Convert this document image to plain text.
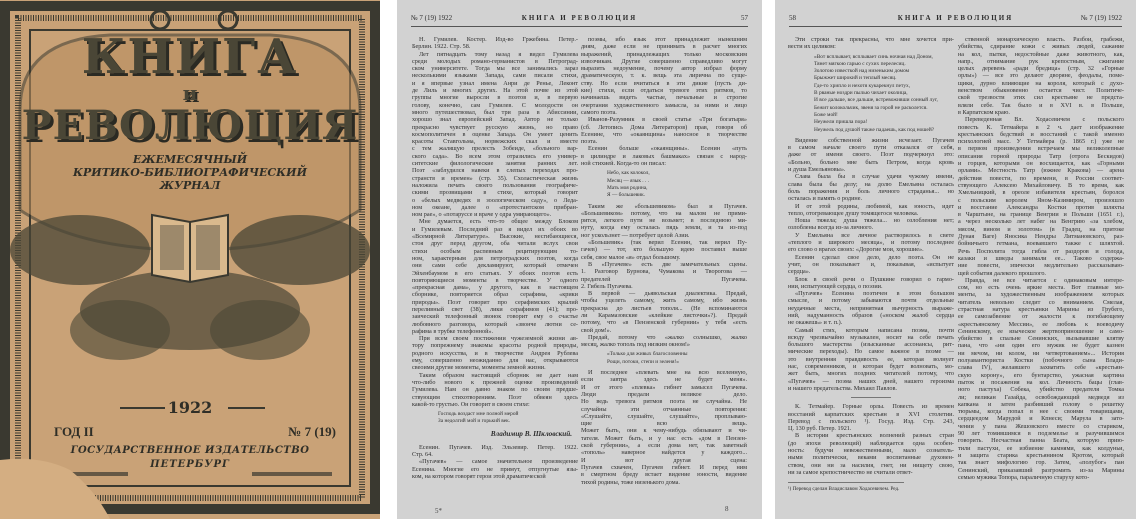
КНИГА
и
РЕВОЛЮЦИЯ
ЕЖЕМЕСЯЧНЫЙ
КРИТИКО-БИБЛИОГРАФИЧЕСКИЙ
ЖУРНАЛ
1922
ГОД II	№ 7 (19)
ГОСУДАРСТВЕННОЕ ИЗДАТЕЛЬСТВО
ПЕТЕРБУРГ
№ 7 (19) 1922	КНИГА И РЕВОЛЮЦИЯ	57
Н. Гумилев. Костер. Изд-во Гржебина. Петер.-
Берлин. 1922. Стр. 58.
Лет пятнадцать тому назад я видел Гумилева
среди молодых романо-германистов в Петроград-
ском университете. Тогда мы все занимались зараз
несколькими языками Запада, сами писали стихи,
и я впервые узнал имена Анри де Ренье, Леконт
де Лиль и многих других. На этой почве из этой
группы многие выросли в поэтов и, в первую
голову, конечно, сам Гумилев. С молодости он
много путешествовал, был три раза в Абиссинии,
хорошо знал европейский Запад. Автор не только
прекрасно чувствует русскую жизнь, но право
космополитичен в оценке Запада. Он умеет ценить
красоты Ставгольма, норвежских скал и вместе
с тем жалящую прелесть Зобеиде, «больного вар-
ского сада». Во всем этом отразились его универ-
ситетские филологические занятия ранних лет.
Поэт «заблудился навеки в слепых переходах про-
странств и времен» (стр. 35). Схоластическая жизнь
наложила печать своего пользования географиче-
скими прозвищами в стихе, который говорит
о «белых медведях в зоологическом саду», о Леда-
ном океане, далее о «протестантском прибран-
ном рае», о «потаруссе и враче у одра умирающего».
Мне думается, есть что-то общее между Блоком
и Гумилевым. Последний раз я видел их обоих во
«Всемирной Литературе». Высокие, несгибающиеся,
стоя друг перед другом, оба читали вслух свои
стихи особым распевным рецитирующим то-
ном, характерным для петроградских поэтов, когда
они сами себе декламируют, который отмечен
Эйхенбаумом в его статьях. У обоих поэтов есть
повторяющиеся моменты в творчестве. У одного
«прекрасная дама», у другого, как в настоящем
сборнике, повторяется образ серафима, «крики
природы». Поэт говорит про серафимских крылий
переливный свет (38), лики серафимов (41); про-
заический телефонный звонок говорит ему о счастье
любовного разговора, который «звонче лютни се-
рафима в трубке телефонной».
При всем своем постижении чужеземной жизни ав-
тору попрежнему знакомы красоты родной природы,
родного искусства, и в творчестве Андрея Рублева
ему, совершенно неожиданно для нас, открываются
свеоими другие моменты, моменты земной жизни.
Таким образом настоящий сборник не дает нам
что-либо нового к прежней оценке произведений
Гумилева. Нам он давно знаком по своим предше-
ствующим стихотворениям. Поэт обвеян здесь
какой-то грустью. Он говорит в своем стихе:
Господь воздаст мне полной мерой
За недолгий мой и горький век.
Владимир В. Шкловский.
Есенин. Пугачев. Изд. Эльзевир. Петер. 1922.
Стр. 64.
«Пугачев» — самое значительное произведение
Есенина. Многие его не примут, отпугнутые язы-
ком, на котором говорят герои этой драматической
поэмы, ибо язык этот принадлежит нынешним
дням, даже если не принимать в расчет многих
выражений, принадлежащих только московским
извозчикам. Другие совершенно справедливо могут
выразить недоумение, почему автор избрал форму
драматическую, т. к. вещь эта лирична по суще-
ству. Но если вчитаться в эти дикие (пусть ди-
кие) стихи, если отдаться тревоге этих ритмов, то
начинаешь видеть частые, печальные и строгие
очертания художественного замысла, за ними и лицо
самого поэта.
Иванов-Разумник в своей статье «Три богатыря»
(сб. Летопись Дома Литераторов) прав, говоря об
Есенине, что «окаянщина» наносное в творчестве
поэта.
Есенин больше «окаянщины». Есенин «путь
в цилиндре и лаковых башмаках» связан с народ-
ной стихией. Когда-то он писал:
Небо, как колокол,
Месяц — язык . . .
Мать моя родина,
Я — большевик.
Таким же «большевиком» был и Пугачев.
«Большевиком» потому, что на малом не прими-
рится, легкого пути не возьмет; в последнюю ми-
нуту, когда ему осталась пядь земли, и та из-под
ног ускользнет — потребует целой Азии.
«Большевик» (так верил Есенин, так верил Пу-
гачев) — тот, кто большую идею поставил выше
себя, свое малое «я» отдал большому.
В «Пугачеве» есть две замечательных сцены.
1. Разговор Бурнова, Чумакова и Творогова —
предателей Пугачева.
2. Гибель Пугачева.
В первой — дьявольская диалектика. Предай,
чтобы уцелеть самому, жить самому, ибо жизнь
прекрасна до листьев тополя... (Не вспоминаются
ли Карамазовские «клейкие листочки»?). Предай
потому, что «в Пензенской губернии» у тебя «есть
свой дом!».
Предай, потому что «жалко солнышко, жалко
месяц, жалко тополь под низким окном!»
«Только для живых благословенны
Рощи, потоки, степи и зеленя!»
И последнее «плевать мне на всю вселенную,
если завтра здесь не будет меня».
И от этого «плевка» гибнет замысел Пугачева.
Люди предали великое дело.
Но ведь тревога ритмов поэта не случайна. Не
случайны эти отчаянные повторения:
«Слушайте, слушайте, слушайте», проплываю-
щие всю вещь.
Может быть, они к чему-нибудь обязывают и чи-
тателя. Может быть, и у нас есть «дом в Пензен-
ской губернии», а если дома нет, так заветный
«тополь» наверное найдется у каждого...
И вот другая сцена:
Пугачев схвачен, Пугачев гибнет. И перед ним
в смертном бреду встает видение юности, видение
тихой родины, тоже низенького дома.
5*	8
58	КНИГА И РЕВОЛЮЦИЯ	№ 7 (19) 1922
Эти строки так прекрасны, что мне хочется при-
вести их целиком:
«Вот всплывает, всплывает синь ночная над Доном,
Тянет мягкою гарью с сухих перелесиц.
Золотою известкой над низеньким домом
Брыжжет широкий и теплый месяц.
Где-то хрипло и нехотя кукарекнул петух,
В рваные ноздри пылью чихает околица,
И все дальше, все дальше, встревоживши сонный луг,
Бежит колокольчик, звеня за горой не расколется.
Боже мой!
Неужели пришла пора!
Неужель под душой также падаешь, как под ношей?
Видение собственной жизни исчезает. Пугачев
в самом начале своего пути отказался от себя,
даже от имени своего. Поэт подчеркнул это:
«Больно, больно мне быть Петром, когда кровь
и душа Емельяновы».
Слава была бы в случае удачи чужому имени,
слава была бы делу; на долю Емельяна осталась
боль поражения и боль личного страданья... но
осталась и память о родине.
И от этой родины, любимой, как юность, идет
тепло, отогревающее душу томящегося человека.
Ноша тяжела; душа тяжела... но озлобления нет;
озлоблены всегда из-за личного.
У Емельяна все личное растворилось в свете
«теплого и широкого месяца», и потому последнее
его слово о врагах своих: «Дорогие мои, хорошие».
Есенин сделал свое дело, дело поэта. Он не
учит, он показывает и, показывая, «испытует
сердца».
Блок в своей речи о Пушкине говорил о гармо-
нии, испытующей сердца, о поэзии.
«Пугачев» Есенина поэтичен в этом большом
смысле, и потому забываются почти отдельные
неудачные места, непринятная вычурность выраже-
ний, надуманность образов («носком жалоб сердца
не окажешь» и т. п.).
Самый стих, которым написана поэма, почти
всюду чрезвычайно музыкален, носит на себе печать
большого мастерства (изысканные ассонансы, рит-
мические переходы). Но самое важное в поэме —
это внутренняя правдивость ее, которая волнует
нас, современников, и которая будет волновать, мо-
жет быть, многих поздних читателей потому, что
«Пугачев» — поэма наших дней, нашего героизма
и нашего предательства. Михаил Павлов.
К. Тетмайер. Горные орлы. Повесть из времен
восстаний карпатских крестьян в XVI столетии.
Перевод с польского ¹). Госуд. Изд. Стр. 243,
Ц. 130 руб. Петер. 1921.
В истории крестьянских волнений разных стран
(до эпохи революций) наблюдается одна особен-
ность: будучи невежественными, мало сознатель-
ными политически, веками воспитанные духовен-
ством, они ни за насилия, гнет, ни нищету свою,
ни за самое крепостничество не считали ответ-
¹) Перевод сделан Владиславом Ходасевичем. Ред.
ственной монархическую власть. Разбои, грабежи,
убийства, сдирание кожи с живых людей, сажание
на кол, пытки, недостойные даже животного, как,
напр., отнимание рук крепостным, сжигание
целых деревень «ради бредица» (стр. 32 «Горные
орлы») — все это делают дворяне, феодалы, поме-
щики, дурно влияющие на короля, который с духо-
венством обыкновенно остается чист. Политиче-
ской трезвости этих сил крестьяне не предста-
вляли себе. Так было и в XVI в. в Польше,
в Карпатском краю.
Переведенная Вл. Ходасевичем с польского
повесть К. Тетмайера в 2 ч. дает изображение
крестьянских бедствий и восстаний с такой именно
психологией масс. У Тетмайера (р. 1865 г.) уже не
в первом произведении встречаем мы великолепные
описания горной природы Татр (отрога Бескидов)
и горцев, которыми он восхищается, как «Горными
орлами». Местность Татр (южнее Кракова) — арена
действия повести, по времени, в России соответ-
ствующего Алексею Михайловичу. В то время, как
Хмельницкий, в ореоле избавителя крестьян, боролся
с польским королем Яном-Казимиром, произошло
и восстание Александра Костки против шляхты
в Чарштыне, на границе Венгрии и Польши (1651 г.),
а через несколько лет набег на Венгрию «за хлебом,
мясом, вином и золотом» (в Градец, на притоке
Дуная Ваге) Яносика Нендры Литмановского, раз-
бойничьего гетмана, воевавшего также с шляхтой.
Речь Посполита тогда гибла от раздоров и голода,
казаки и шведы занимали ее... Таково содержа-
ние повести, эпически медлительно рассказываю-
щей события далекого прошлого.
Правда, не все читается с одинаковым интере-
сом, но есть очень яркие места. Вот главные мо-
менты, за художественным изображением которых
читатель невольно следит со вниманием. Смелая,
страстная натура крестьянки Марины из Грубего,
ее самозабвение от жалости к погибающему
«крестьянскому Мессии», ее любовь к воеводичу
Сенинскому, ее языческое жертвоприношение и само-
убийство в спальне Сенинских, вызывавшие клятву
пана, что «ни один его мужик не будет казнен
ни мечом, ни колом, ни четвертованием»... История
полуавантюриста Костки (побочного сына Влади-
слава IV), желавшего захватить себе «крестьян-
скую корону», его бунтарство, ужасная картина
пыток и посажения на кол. Личность бацы (глав-
ного пастуха) Собека, убийство предателя Томка
ли; великан Газайда, освобождающий медведя из
капкана и затем разбивший голову о решетку
тюрьмы, когда попал в нее с своими товарищами,
сердцеедом Марудой и Кпнеси; Марула в зато-
чении у пана Жешовского вместе со стариком,
90 лет томившимся в подземелье и разучившимся
говорить. Несчастная панна Беата, которую прию-
тили пастухи, ее избиение камнями, как колдуньи,
и защита старика крестьянином Кротом, который
так знает мифологию гор. Затем, «полубог» пан
Сенинский, приказавший разгромить из-за Марины
семью мужика Топора, параличную старуху кото-
